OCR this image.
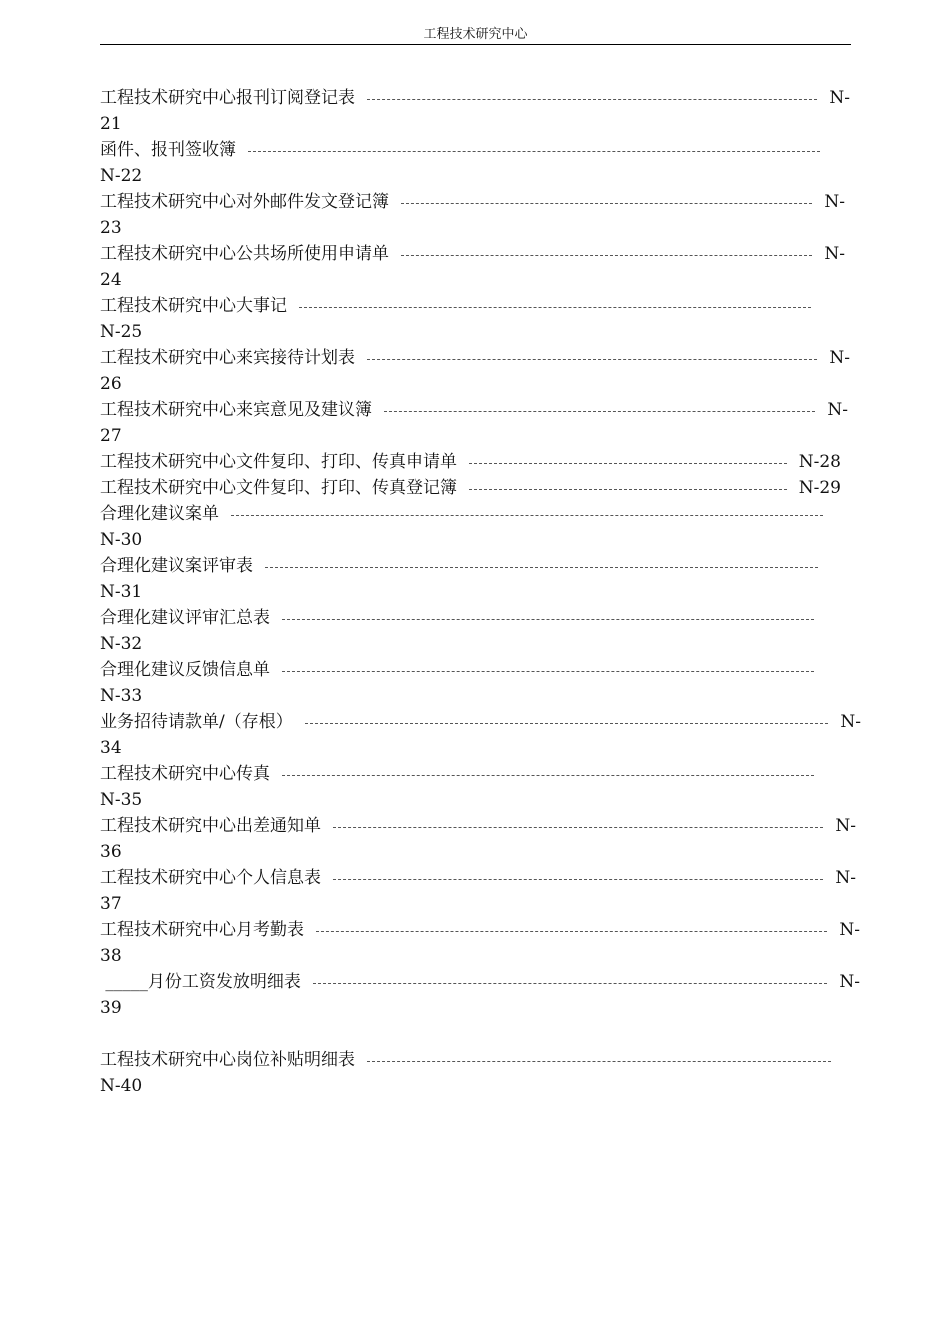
工程技术研究中心
工程技术研究中心报刊订阅登记表	N-
21
函件、报刊签收簿
N-22
工程技术研究中心对外邮件发文登记簿	N-
23
工程技术研究中心公共场所使用申请单	N-
24
工程技术研究中心大事记
N-25
工程技术研究中心来宾接待计划表	N-
26
工程技术研究中心来宾意见及建议簿	N-
27
工程技术研究中心文件复印、打印、传真申请单	N-28
工程技术研究中心文件复印、打印、传真登记簿	N-29
合理化建议案单
N-30
合理化建议案评审表
N-31
合理化建议评审汇总表
N-32
合理化建议反馈信息单
N-33
业务招待请款单/（存根）	N-
34
工程技术研究中心传真
N-35
工程技术研究中心出差通知单	N-
36
工程技术研究中心个人信息表	N-
37
工程技术研究中心月考勤表	N-
38
_____月份工资发放明细表	N-
39
工程技术研究中心岗位补贴明细表
N-40
